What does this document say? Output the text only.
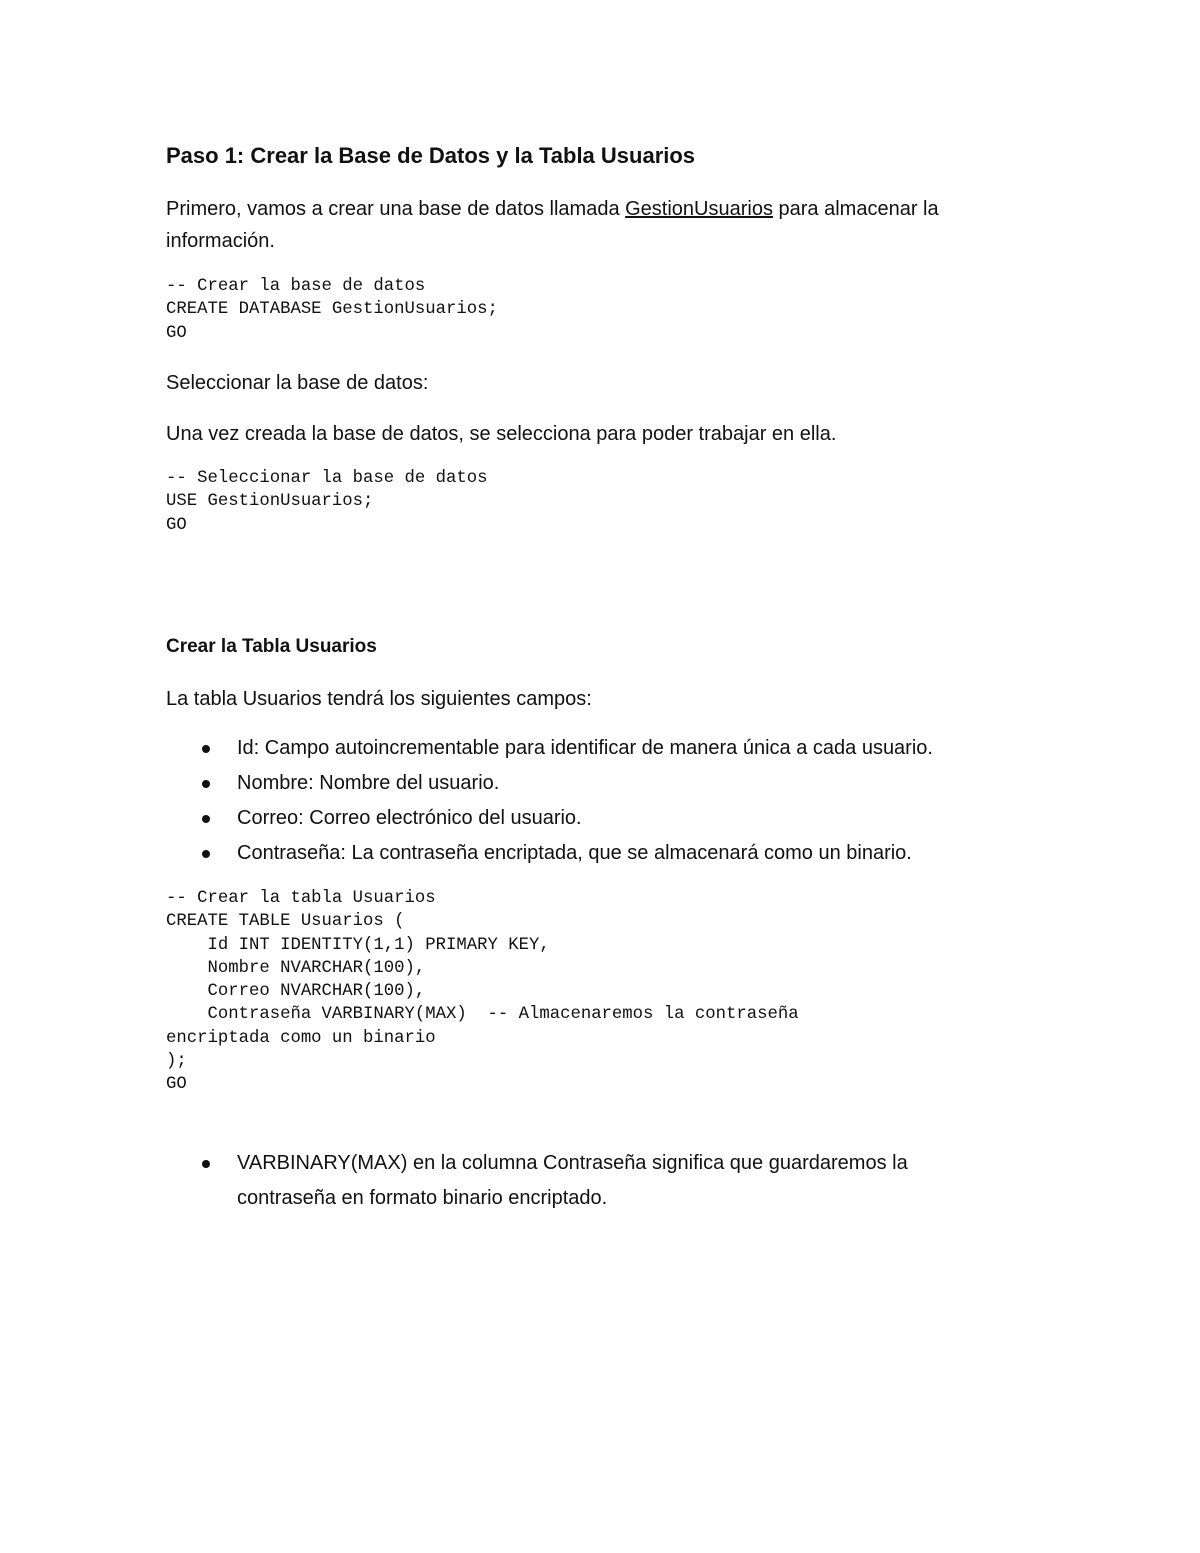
Paso 1: Crear la Base de Datos y la Tabla Usuarios

Primero, vamos a crear una base de datos llamada GestionUsuarios para almacenar la información.

-- Crear la base de datos
CREATE DATABASE GestionUsuarios;
GO

Seleccionar la base de datos:

Una vez creada la base de datos, se selecciona para poder trabajar en ella.

-- Seleccionar la base de datos
USE GestionUsuarios;
GO
Crear la Tabla Usuarios

La tabla Usuarios tendrá los siguientes campos:

Id: Campo autoincrementable para identificar de manera única a cada usuario.
Nombre: Nombre del usuario.
Correo: Correo electrónico del usuario.
Contraseña: La contraseña encriptada, que se almacenará como un binario.
-- Crear la tabla Usuarios
CREATE TABLE Usuarios (
Id INT IDENTITY(1,1) PRIMARY KEY,
Nombre NVARCHAR(100),
Correo NVARCHAR(100),
Contraseña VARBINARY(MAX)  -- Almacenaremos la contraseña
encriptada como un binario
);
GO
VARBINARY(MAX) en la columna Contraseña significa que guardaremos la contraseña en formato binario encriptado.
